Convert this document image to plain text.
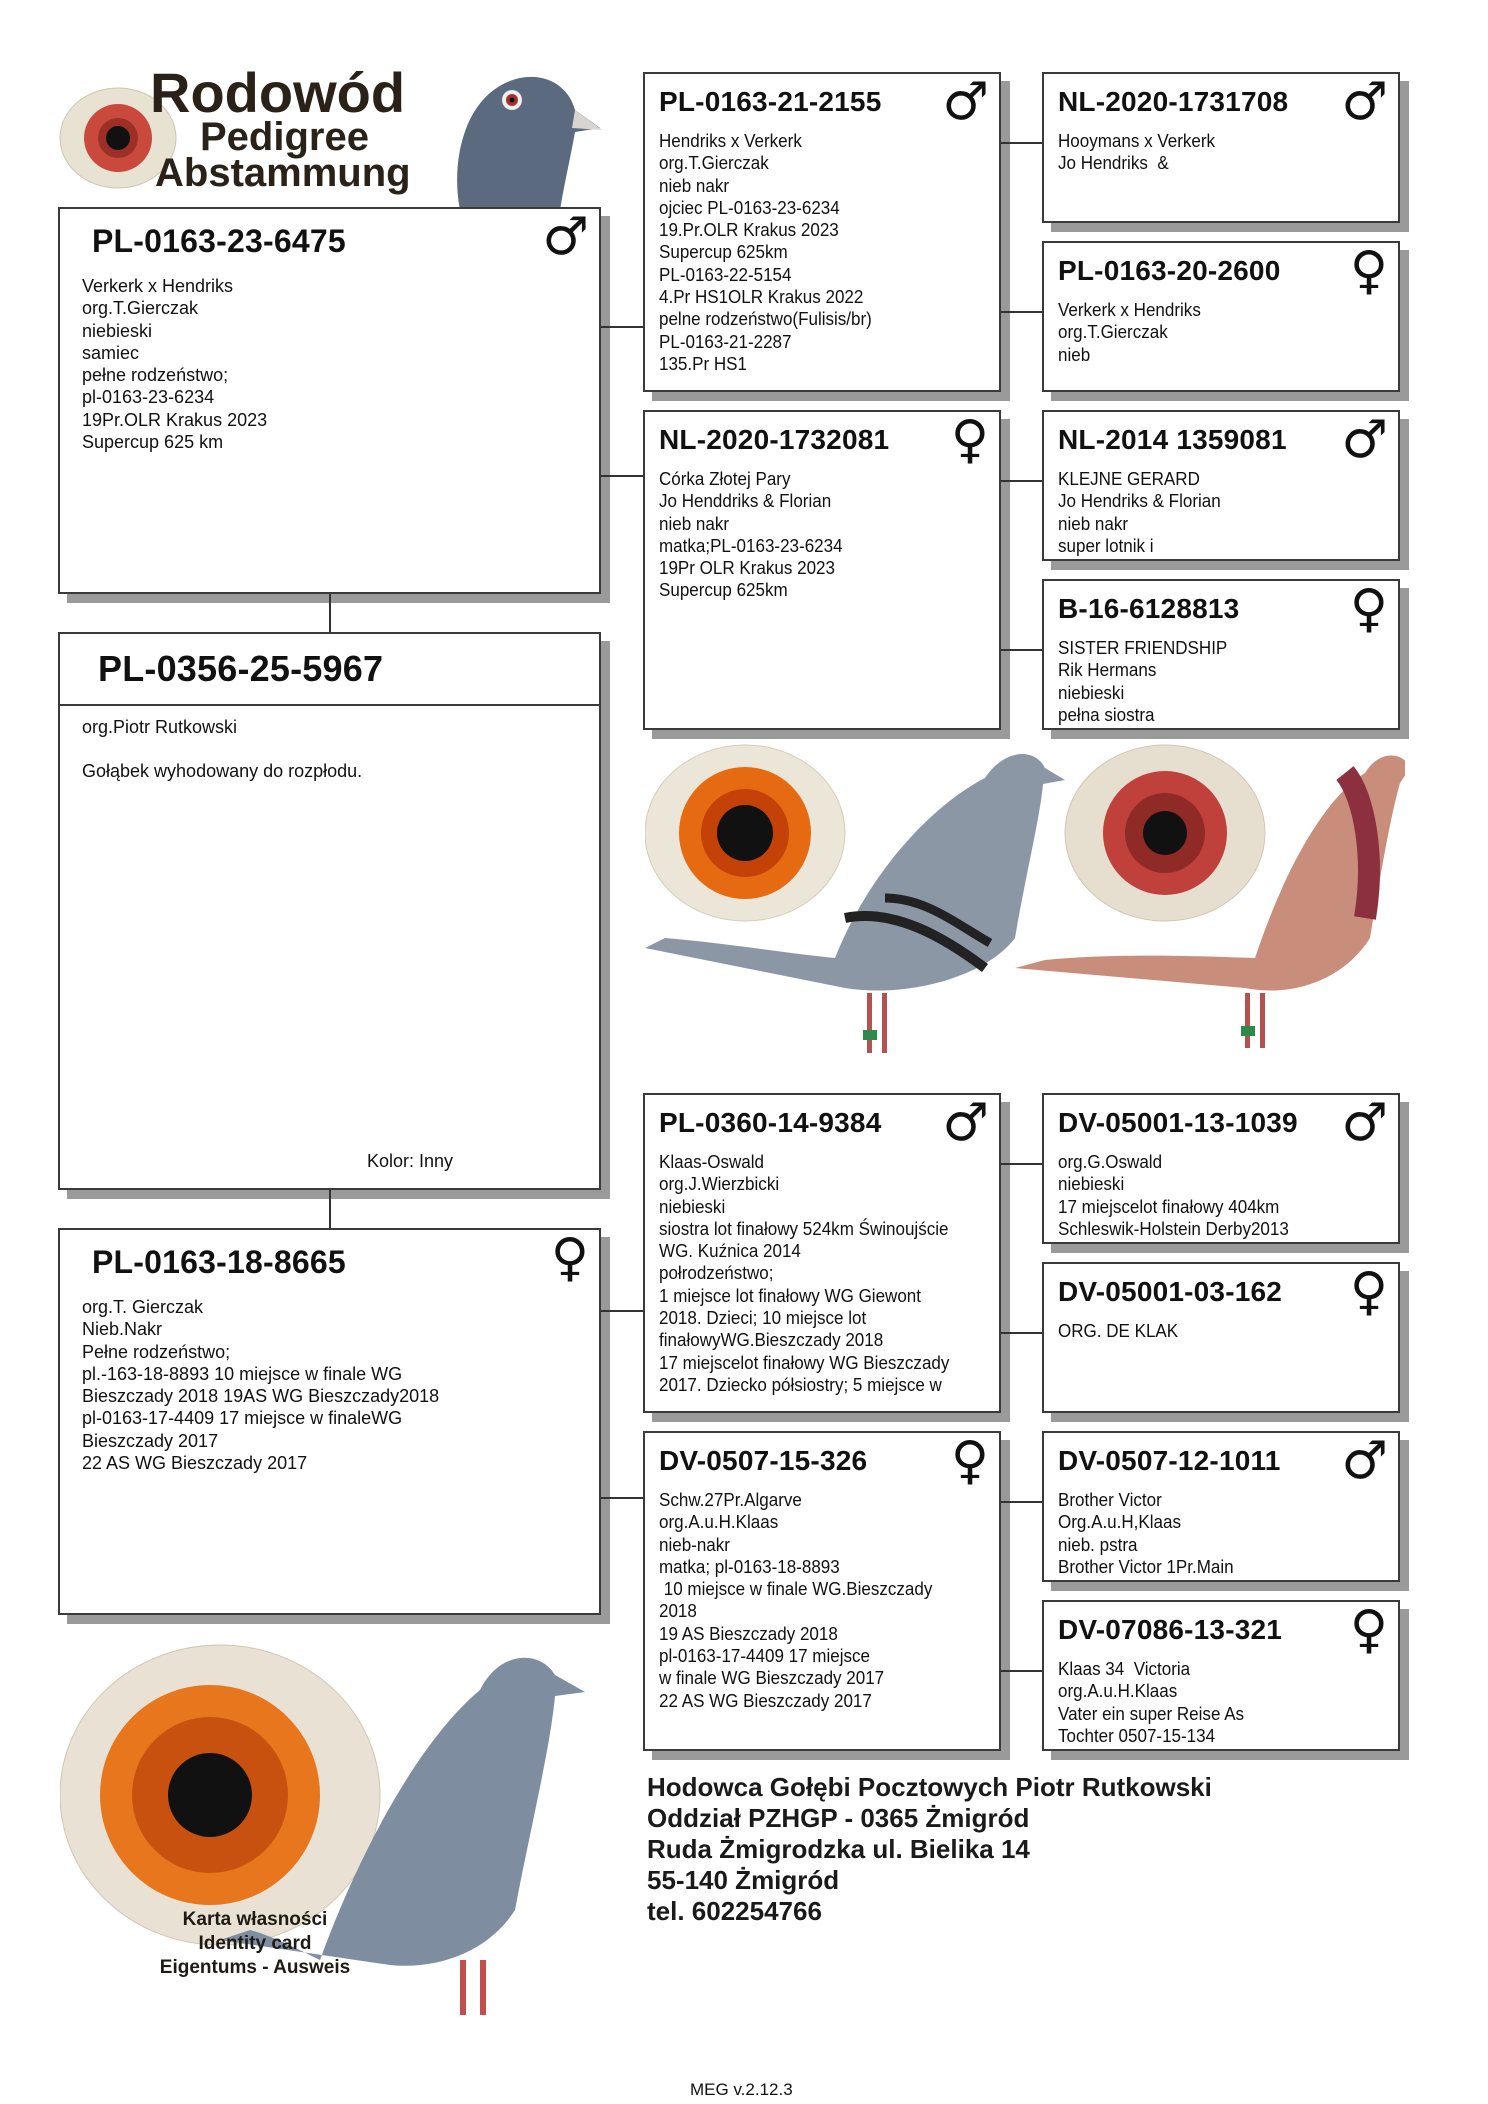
Rodowód
Pedigree
Abstammung
PL-0163-23-6475	♂
Verkerk x Hendriks
org.T.Gierczak
niebieski
samiec
pełne rodzeństwo;
pl-0163-23-6234
19Pr.OLR Krakus 2023
Supercup 625 km
PL-0356-25-5967
org.Piotr Rutkowski
Gołąbek wyhodowany do rozpłodu.
Kolor: Inny
PL-0163-18-8665	♀
org.T. Gierczak
Nieb.Nakr
Pełne rodzeństwo;
pl.-163-18-8893 10 miejsce w finale WG
Bieszczady 2018 19AS WG Bieszczady2018
pl-0163-17-4409 17 miejsce w finaleWG
Bieszczady 2017
22 AS WG Bieszczady 2017
PL-0163-21-2155 ♂
Hendriks x Verkerk
org.T.Gierczak
nieb nakr
ojciec PL-0163-23-6234
19.Pr.OLR Krakus 2023
Supercup 625km
PL-0163-22-5154
4.Pr HS1OLR Krakus 2022
pelne rodzeństwo(Fulisis/br)
PL-0163-21-2287
135.Pr HS1
NL-2020-1732081 ♀
Córka Złotej Pary
Jo Henddriks & Florian
nieb nakr
matka;PL-0163-23-6234
19Pr OLR Krakus 2023
Supercup 625km
PL-0360-14-9384 ♂
Klaas-Oswald
org.J.Wierzbicki
niebieski
siostra lot finałowy 524km Świnoujście
WG. Kuźnica 2014
połrodzeństwo;
1 miejsce lot finałowy WG Giewont
2018. Dzieci; 10 miejsce lot
finałowyWG.Bieszczady 2018
17 miejscelot finałowy WG Bieszczady
2017. Dziecko półsiostry; 5 miejsce w
DV-0507-15-326 ♀
Schw.27Pr.Algarve
org.A.u.H.Klaas
nieb-nakr
matka; pl-0163-18-8893
10 miejsce w finale WG.Bieszczady
2018
19 AS Bieszczady 2018
pl-0163-17-4409 17 miejsce
w finale WG Bieszczady 2017
22 AS WG Bieszczady 2017
NL-2020-1731708 ♂
Hooymans x Verkerk
Jo Hendriks  &
PL-0163-20-2600 ♀
Verkerk x Hendriks
org.T.Gierczak
nieb
NL-2014 1359081 ♂
KLEJNE GERARD
Jo Hendriks & Florian
nieb nakr
super lotnik i
B-16-6128813 ♀
SISTER FRIENDSHIP
Rik Hermans
niebieski
pełna siostra
DV-05001-13-1039 ♂
org.G.Oswald
niebieski
17 miejscelot finałowy 404km
Schleswik-Holstein Derby2013
DV-05001-03-162 ♀
ORG. DE KLAK
DV-0507-12-1011 ♂
Brother Victor
Org.A.u.H,Klaas
nieb. pstra
Brother Victor 1Pr.Main
DV-07086-13-321 ♀
Klaas 34  Victoria
org.A.u.H.Klaas
Vater ein super Reise As
Tochter 0507-15-134
Karta własności
Identity card
Eigentums - Ausweis
Hodowca Gołębi Pocztowych Piotr Rutkowski
Oddział PZHGP - 0365 Żmigród
Ruda Żmigrodzka ul. Bielika 14
55-140 Żmigród
tel. 602254766
MEG v.2.12.3
